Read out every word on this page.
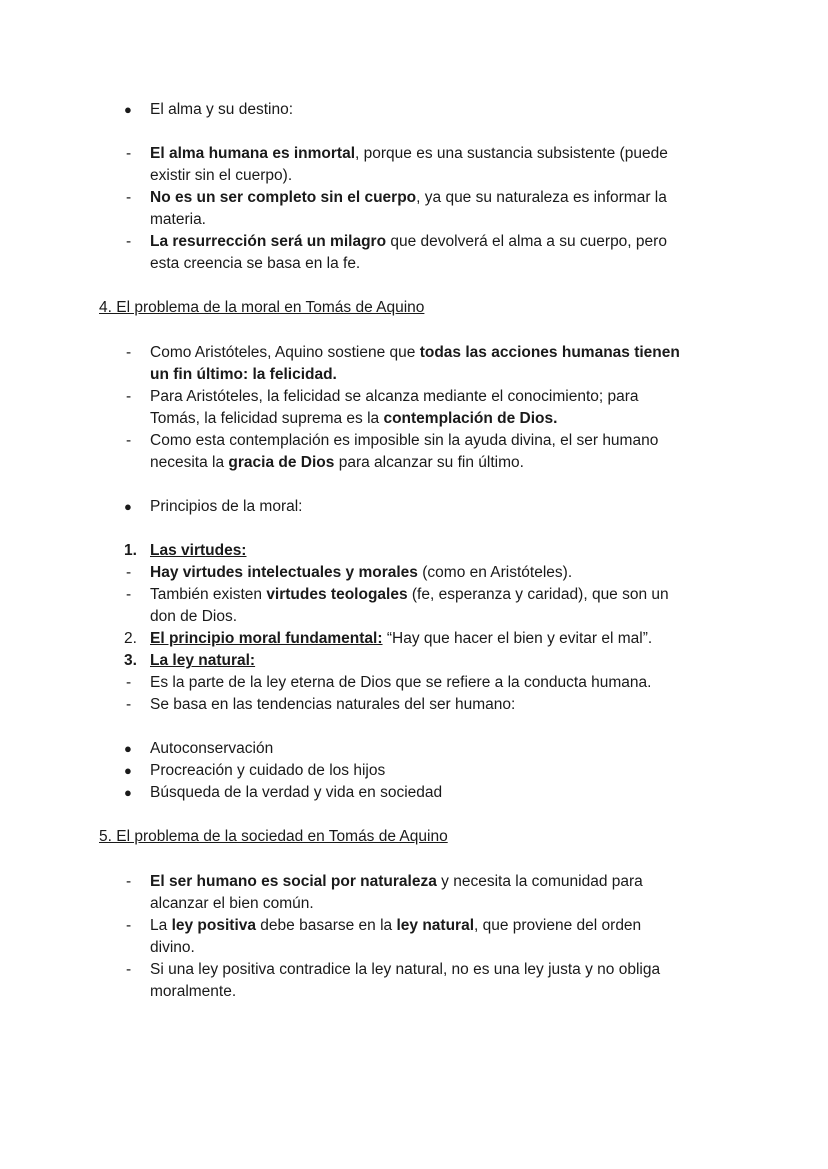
● El alma y su destino:
- El alma humana es inmortal, porque es una sustancia subsistente (puede
existir sin el cuerpo).
- No es un ser completo sin el cuerpo, ya que su naturaleza es informar la
materia.
- La resurrección será un milagro que devolverá el alma a su cuerpo, pero
esta creencia se basa en la fe.
4. El problema de la moral en Tomás de Aquino
- Como Aristóteles, Aquino sostiene que todas las acciones humanas tienen
un fin último: la felicidad.
- Para Aristóteles, la felicidad se alcanza mediante el conocimiento; para
Tomás, la felicidad suprema es la contemplación de Dios.
- Como esta contemplación es imposible sin la ayuda divina, el ser humano
necesita la gracia de Dios para alcanzar su fin último.
● Principios de la moral:
1. Las virtudes:
- Hay virtudes intelectuales y morales (como en Aristóteles).
- También existen virtudes teologales (fe, esperanza y caridad), que son un
don de Dios.
2. El principio moral fundamental: “Hay que hacer el bien y evitar el mal”.
3. La ley natural:
- Es la parte de la ley eterna de Dios que se refiere a la conducta humana.
- Se basa en las tendencias naturales del ser humano:
● Autoconservación
● Procreación y cuidado de los hijos
● Búsqueda de la verdad y vida en sociedad
5. El problema de la sociedad en Tomás de Aquino
- El ser humano es social por naturaleza y necesita la comunidad para
alcanzar el bien común.
- La ley positiva debe basarse en la ley natural, que proviene del orden
divino.
- Si una ley positiva contradice la ley natural, no es una ley justa y no obliga
moralmente.
